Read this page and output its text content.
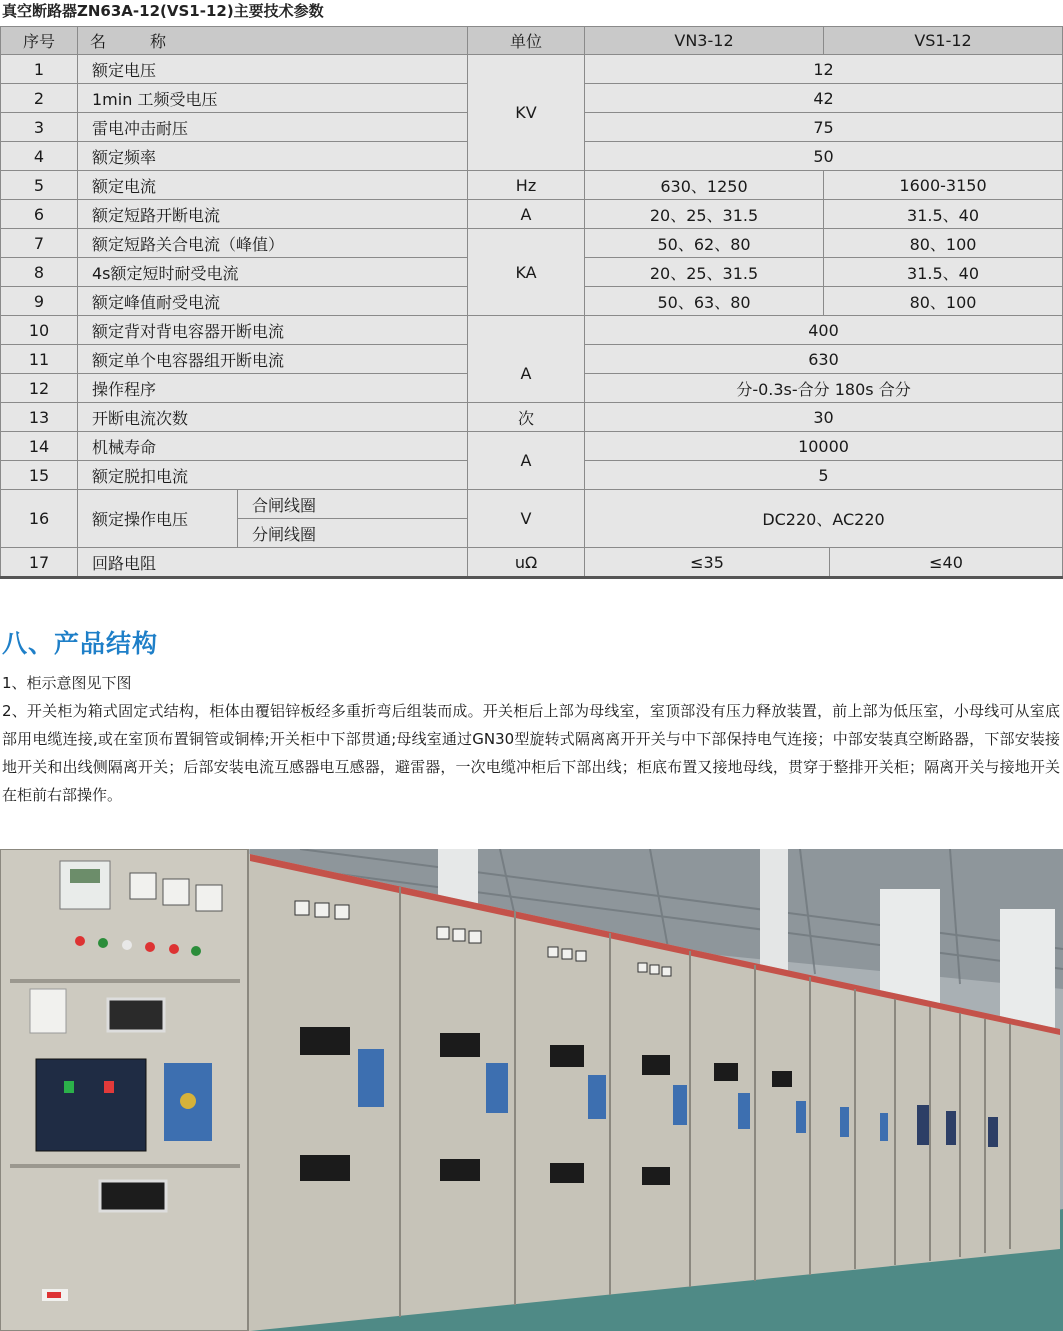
真空断路器ZN63A-12(VS1-12)主要技术参数
序号	名　称		单位	VN3-12	VS1-12	
1	额定电压		KV	12		
2	1min 工频受电压			42		
3	雷电冲击耐压			75		
4	额定频率			50		
5	额定电流		Hz	630、1250	1600-3150	
6	额定短路开断电流		A	20、25、31.5	31.5、40	
7	额定短路关合电流（峰值）		KA	50、62、80	80、100	
8	4s额定短时耐受电流			20、25、31.5	31.5、40	
9	额定峰值耐受电流			50、63、80	80、100	
10	额定背对背电容器开断电流		A	400		
11	额定单个电容器组开断电流			630		
12	操作程序			分-0.3s-合分 180s 合分		
13	开断电流次数		次	30		
14	机械寿命		A	10000		
15	额定脱扣电流			5		
16	额定操作电压	合闸线圈	V	DC220、AC220		
		分闸线圈				
17	回路电阻		uΩ	≤35		≤40
八、产品结构
1、柜示意图见下图
2、开关柜为箱式固定式结构，柜体由覆铝锌板经多重折弯后组装而成。开关柜后上部为母线室，室顶部没有压力释放装置，前上部为低压室，小母线可从室底部用电缆连接,或在室顶布置铜管或铜棒;开关柜中下部贯通;母线室通过GN30型旋转式隔离离开开关与中下部保持电气连接；中部安装真空断路器，下部安装接地开关和出线侧隔离开关；后部安装电流互感器电互感器，避雷器，一次电缆冲柜后下部出线；柜底布置又接地母线，贯穿于整排开关柜；隔离开关与接地开关在柜前右部操作。
